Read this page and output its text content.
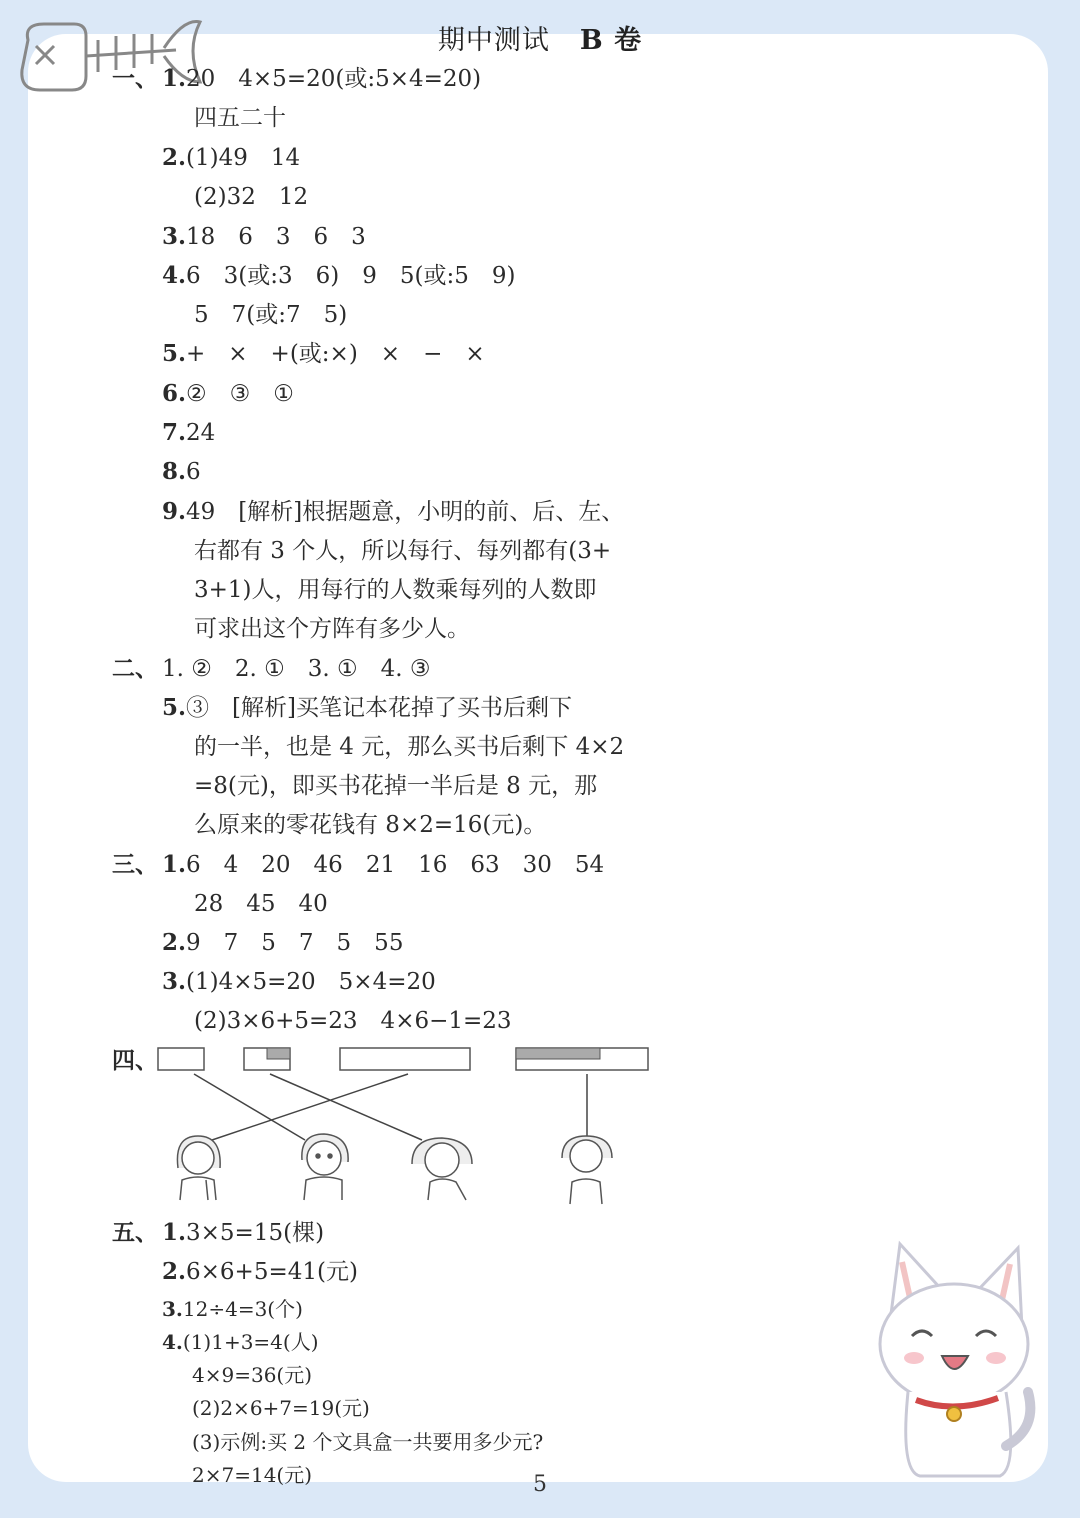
期中测试 B 卷
一、 1.20　4×5=20(或:5×4=20)
四五二十
2.(1)49　14
(2)32　12
3.18　6　3　6　3
4.6　3(或:3　6)　9　5(或:5　9)
5　7(或:7　5)
5.+　×　+(或:×)　×　−　×
6.②　③　①
7.24
8.6
9.49　[解析]根据题意，小明的前、后、左、
右都有 3 个人，所以每行、每列都有(3+
3+1)人，用每行的人数乘每列的人数即
可求出这个方阵有多少人。
二、 1. ②　2. ①　3. ①　4. ③
5.③　[解析]买笔记本花掉了买书后剩下
的一半，也是 4 元，那么买书后剩下 4×2
=8(元)，即买书花掉一半后是 8 元，那
么原来的零花钱有 8×2=16(元)。
三、 1.6　4　20　46　21　16　63　30　54
28　45　40
2.9　7　5　7　5　55
3.(1)4×5=20　5×4=20
(2)3×6+5=23　4×6−1=23
四、
五、 1.3×5=15(棵)
2.6×6+5=41(元)
3.12÷4=3(个)
4.(1)1+3=4(人)
4×9=36(元)
(2)2×6+7=19(元)
(3)示例:买 2 个文具盒一共要用多少元?
2×7=14(元)	5
